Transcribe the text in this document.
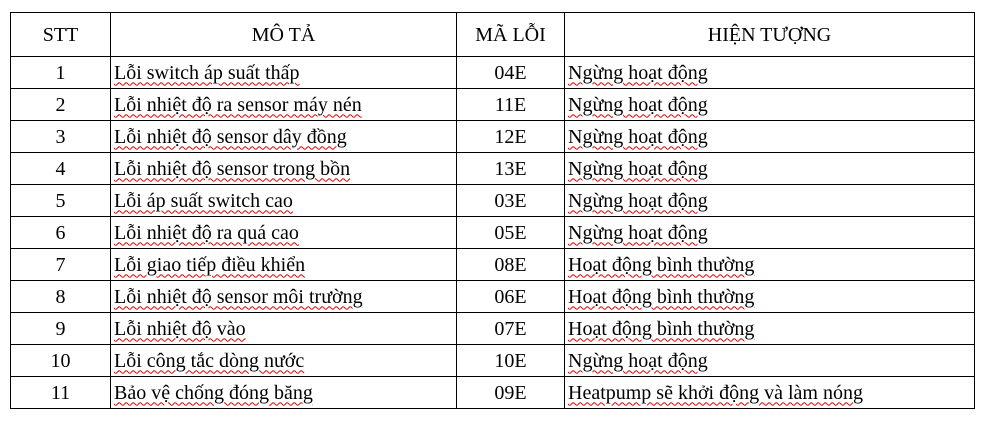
STT	MÔ TẢ	MÃ LỖI	HIỆN TƯỢNG
1	Lỗi switch áp suất thấp	04E	Ngừng hoạt động
2	Lỗi nhiệt độ ra sensor máy nén	11E	Ngừng hoạt động
3	Lỗi nhiệt độ sensor dây đồng	12E	Ngừng hoạt động
4	Lỗi nhiệt độ sensor trong bồn	13E	Ngừng hoạt động
5	Lỗi áp suất switch cao	03E	Ngừng hoạt động
6	Lỗi nhiệt độ ra quá cao	05E	Ngừng hoạt động
7	Lỗi giao tiếp điều khiển	08E	Hoạt động bình thường
8	Lỗi nhiệt độ sensor môi trường	06E	Hoạt động bình thường
9	Lỗi nhiệt độ vào	07E	Hoạt động bình thường
10	Lỗi công tắc dòng nước	10E	Ngừng hoạt động
11	Bảo vệ chống đóng băng	09E	Heatpump sẽ khởi động và làm nóng
